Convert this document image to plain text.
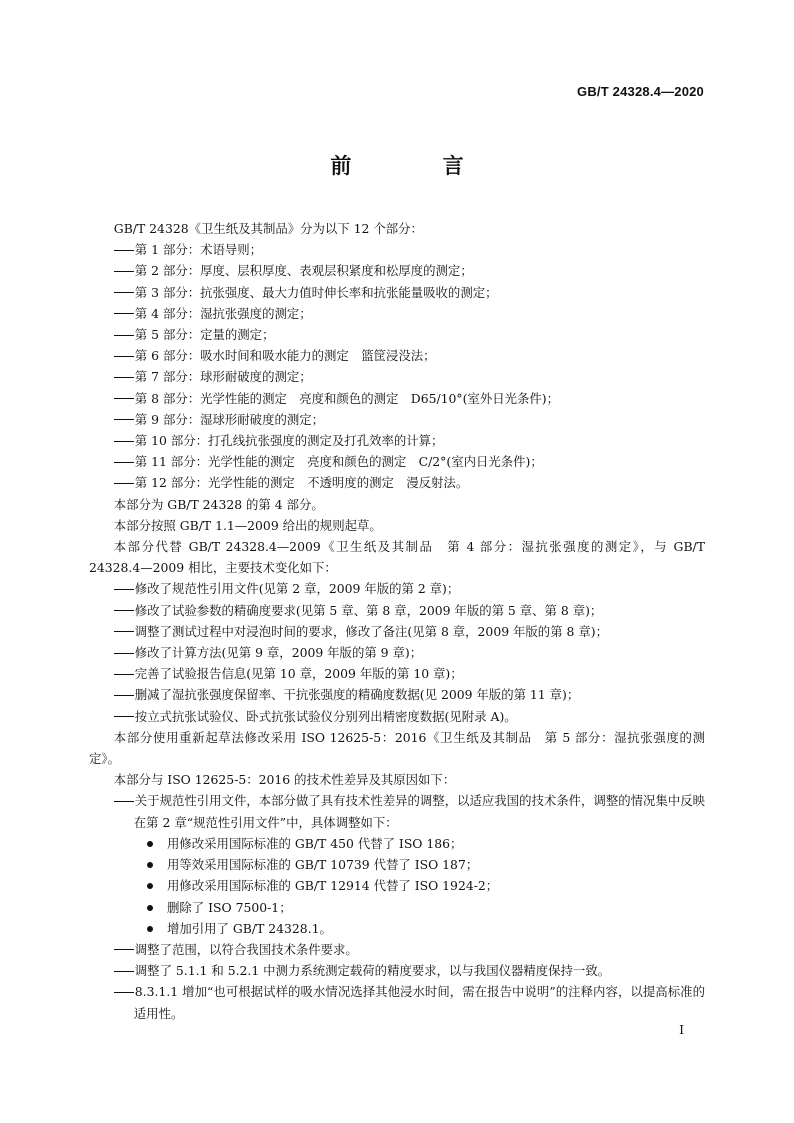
GB/T 24328.4—2020
前 言

GB/T 24328《卫生纸及其制品》分为以下 12 个部分：

第 1 部分：术语导则；

第 2 部分：厚度、层积厚度、表观层积紧度和松厚度的测定；

第 3 部分：抗张强度、最大力值时伸长率和抗张能量吸收的测定；

第 4 部分：湿抗张强度的测定；

第 5 部分：定量的测定；

第 6 部分：吸水时间和吸水能力的测定　篮筐浸没法；

第 7 部分：球形耐破度的测定；

第 8 部分：光学性能的测定　亮度和颜色的测定　D65/10°(室外日光条件)；

第 9 部分：湿球形耐破度的测定；

第 10 部分：打孔线抗张强度的测定及打孔效率的计算；

第 11 部分：光学性能的测定　亮度和颜色的测定　C/2°(室内日光条件)；

第 12 部分：光学性能的测定　不透明度的测定　漫反射法。

本部分为 GB/T 24328 的第 4 部分。

本部分按照 GB/T 1.1—2009 给出的规则起草。

本部分代替 GB/T 24328.4—2009《卫生纸及其制品　第 4 部分：湿抗张强度的测定》，与 GB/T 24328.4—2009 相比，主要技术变化如下：

修改了规范性引用文件(见第 2 章，2009 年版的第 2 章)；

修改了试验参数的精确度要求(见第 5 章、第 8 章，2009 年版的第 5 章、第 8 章)；

调整了测试过程中对浸泡时间的要求，修改了备注(见第 8 章，2009 年版的第 8 章)；

修改了计算方法(见第 9 章，2009 年版的第 9 章)；

完善了试验报告信息(见第 10 章，2009 年版的第 10 章)；

删减了湿抗张强度保留率、干抗张强度的精确度数据(见 2009 年版的第 11 章)；

按立式抗张试验仪、卧式抗张试验仪分别列出精密度数据(见附录 A)。

本部分使用重新起草法修改采用 ISO 12625-5：2016《卫生纸及其制品　第 5 部分：湿抗张强度的测定》。

本部分与 ISO 12625-5：2016 的技术性差异及其原因如下：

关于规范性引用文件，本部分做了具有技术性差异的调整，以适应我国的技术条件，调整的情况集中反映在第 2 章“规范性引用文件”中，具体调整如下：

用修改采用国际标准的 GB/T 450 代替了 ISO 186；

用等效采用国际标准的 GB/T 10739 代替了 ISO 187；

用修改采用国际标准的 GB/T 12914 代替了 ISO 1924-2；

删除了 ISO 7500-1；

增加引用了 GB/T 24328.1。

调整了范围，以符合我国技术条件要求。

调整了 5.1.1 和 5.2.1 中测力系统测定载荷的精度要求，以与我国仪器精度保持一致。

8.3.1.1 增加“也可根据试样的吸水情况选择其他浸水时间，需在报告中说明”的注释内容，以提高标准的适用性。

I
